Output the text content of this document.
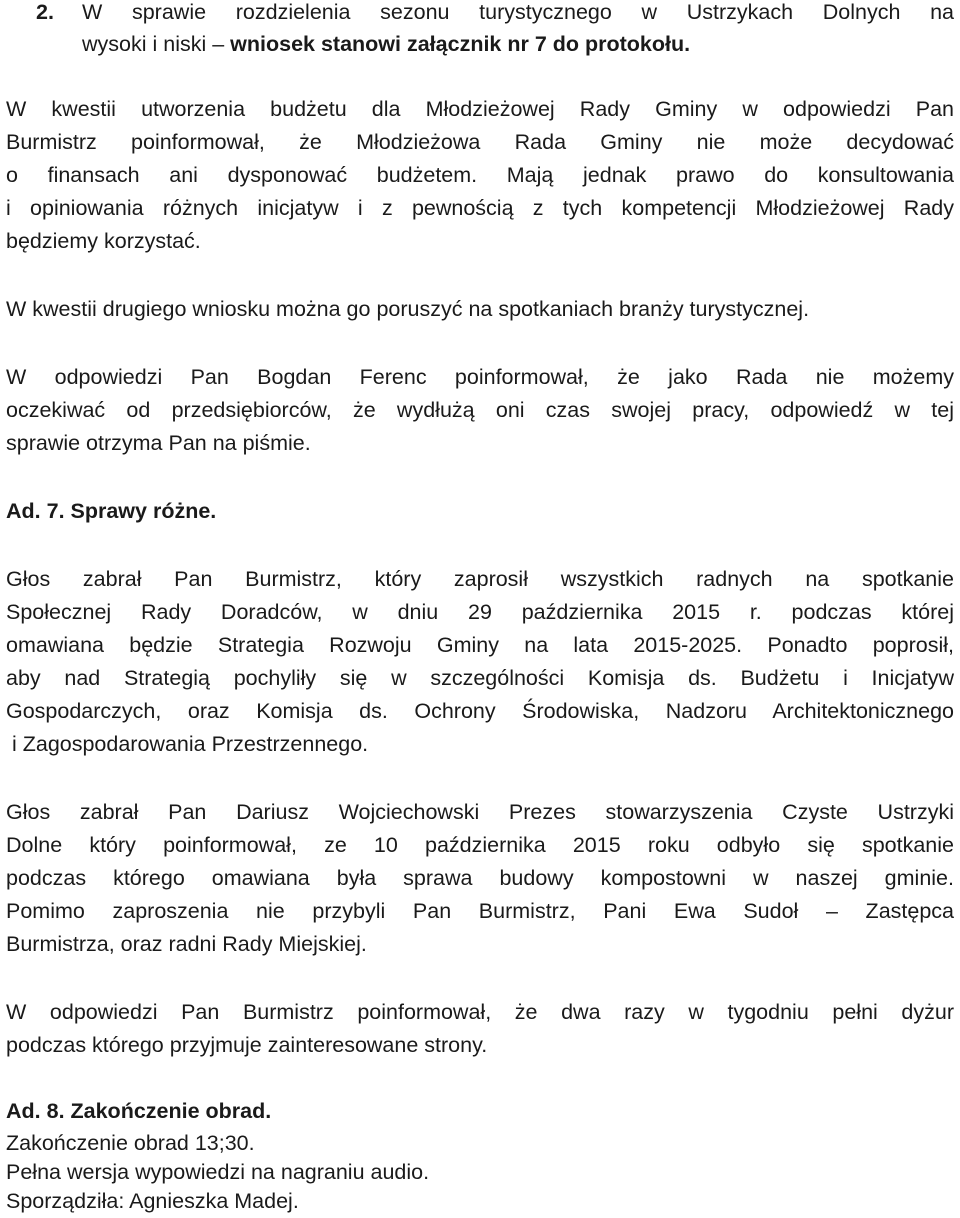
2. W sprawie rozdzielenia sezonu turystycznego w Ustrzykach Dolnych na
wysoki i niski – wniosek stanowi załącznik nr 7 do protokołu.
W kwestii utworzenia budżetu dla Młodzieżowej Rady Gminy w odpowiedzi Pan
Burmistrz poinformował, że Młodzieżowa Rada Gminy nie może decydować
o finansach ani dysponować budżetem. Mają jednak prawo do konsultowania
i opiniowania różnych inicjatyw i z pewnością z tych kompetencji Młodzieżowej Rady
będziemy korzystać.
W kwestii drugiego wniosku można go poruszyć na spotkaniach branży turystycznej.
W odpowiedzi Pan Bogdan Ferenc poinformował, że jako Rada nie możemy
oczekiwać od przedsiębiorców, że wydłużą oni czas swojej pracy, odpowiedź w tej
sprawie otrzyma Pan na piśmie.
Ad. 7. Sprawy różne.
Głos zabrał Pan Burmistrz, który zaprosił wszystkich radnych na spotkanie
Społecznej Rady Doradców, w dniu 29 października 2015 r. podczas której
omawiana będzie Strategia Rozwoju Gminy na lata 2015-2025. Ponadto poprosił,
aby nad Strategią pochyliły się w szczególności Komisja ds. Budżetu i Inicjatyw
Gospodarczych, oraz Komisja ds. Ochrony Środowiska, Nadzoru Architektonicznego
i Zagospodarowania Przestrzennego.
Głos zabrał Pan Dariusz Wojciechowski Prezes stowarzyszenia Czyste Ustrzyki
Dolne który poinformował, ze 10 października 2015 roku odbyło się spotkanie
podczas którego omawiana była sprawa budowy kompostowni w naszej gminie.
Pomimo zaproszenia nie przybyli Pan Burmistrz, Pani Ewa Sudoł – Zastępca
Burmistrza, oraz radni Rady Miejskiej.
W odpowiedzi Pan Burmistrz poinformował, że dwa razy w tygodniu pełni dyżur
podczas którego przyjmuje zainteresowane strony.
Ad. 8. Zakończenie obrad.
Zakończenie obrad 13;30.
Pełna wersja wypowiedzi na nagraniu audio.
Sporządziła: Agnieszka Madej.
